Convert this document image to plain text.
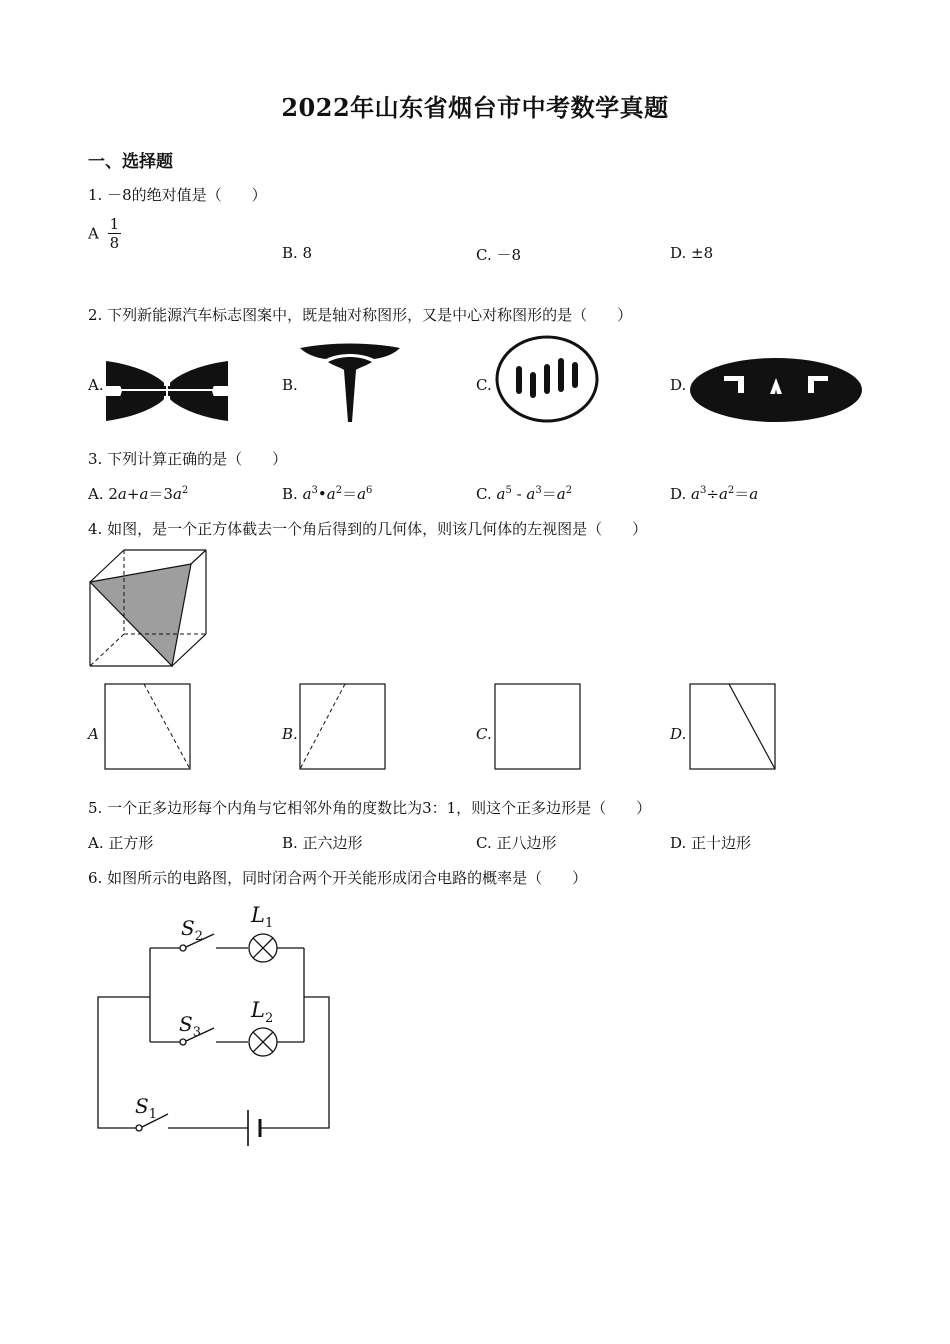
2022年山东省烟台市中考数学真题
一、选择题
1. －8的绝对值是（　　）
A $\frac{1}{8}$
B. 8	C. －8	D. ±8
2. 下列新能源汽车标志图案中，既是轴对称图形，又是中心对称图形的是（　　）
A.	B.	C.	D.
3. 下列计算正确的是（　　）
A. $2a+a=3a^2$	B. $a^3•a^2=a^6$	C. $a^5 - a^3=a^2$	D. $a^3\div a^2=a$
4. 如图，是一个正方体截去一个角后得到的几何体，则该几何体的左视图是（　　）
A	B.	C.	D.
5. 一个正多边形每个内角与它相邻外角的度数比为3：1，则这个正多边形是（　　）
A. 正方形	B. 正六边形	C. 正八边形	D. 正十边形
6. 如图所示的电路图，同时闭合两个开关能形成闭合电路的概率是（　　）
$S_2$
$L_1$
$S_3$
$L_2$
$S_1$
